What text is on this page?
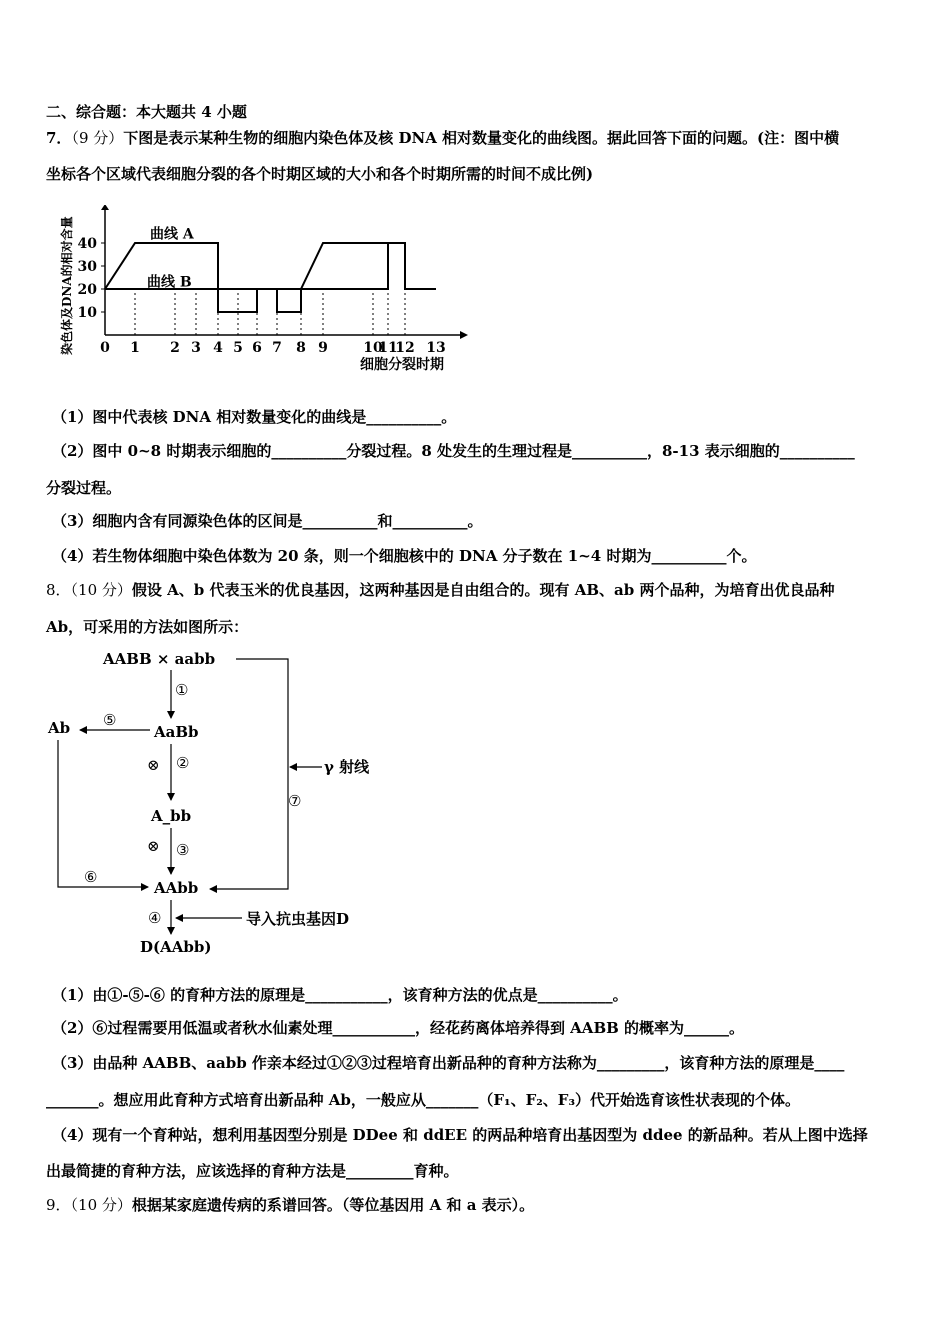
二、综合题：本大题共 4 小题
7．（9 分）下图是表示某种生物的细胞内染色体及核 DNA 相对数量变化的曲线图。据此回答下面的问题。(注：图中横
坐标各个区域代表细胞分裂的各个时期区域的大小和各个时期所需的时间不成比例)
10
20
30
40
0 1 2 3 4 5 6 7 8 9	10
11
12 13
染色体及DNA的相对含量
细胞分裂时期
曲线 A
曲线 B
（1）图中代表核 DNA 相对数量变化的曲线是__________。
（2）图中 0~8 时期表示细胞的__________分裂过程。8 处发生的生理过程是__________，8-13 表示细胞的__________
分裂过程。
（3）细胞内含有同源染色体的区间是__________和__________。
（4）若生物体细胞中染色体数为 20 条，则一个细胞核中的 DNA 分子数在 1~4 时期为__________个。
8．（10 分）假设 A、b 代表玉米的优良基因，这两种基因是自由组合的。现有 AB、ab 两个品种，为培育出优良品种
Ab，可采用的方法如图所示：
AABB × aabb
AaBb
A_bb
AAbb
D(AAbb)
Ab
①
②
③
④
⑤
⑥
⑦
⊗
⊗
γ 射线
导入抗虫基因D
（1）由①-⑤-⑥ 的育种方法的原理是___________，该育种方法的优点是__________。
（2）⑥过程需要用低温或者秋水仙素处理___________，经花药离体培养得到 AABB 的概率为______。
（3）由品种 AABB、aabb 作亲本经过①②③过程培育出新品种的育种方法称为_________，该育种方法的原理是____
_______。想应用此育种方式培育出新品种 Ab，一般应从_______（F₁、F₂、F₃）代开始选育该性状表现的个体。
（4）现有一个育种站，想利用基因型分别是 DDee 和 ddEE 的两品种培育出基因型为 ddee 的新品种。若从上图中选择
出最简捷的育种方法，应该选择的育种方法是_________育种。
9．（10 分）根据某家庭遗传病的系谱回答。（等位基因用 A 和 a 表示）。
